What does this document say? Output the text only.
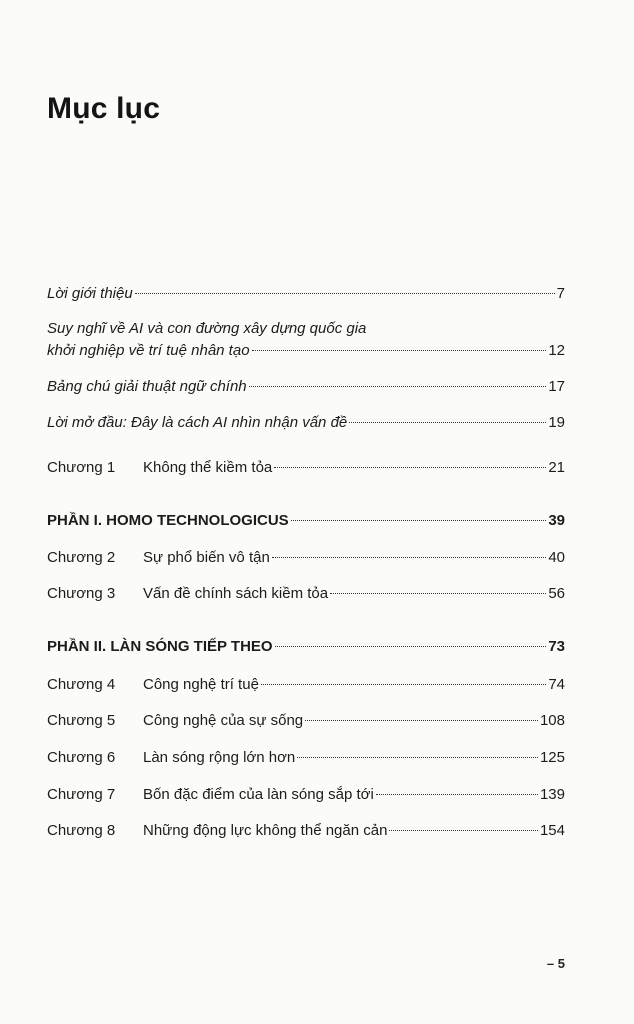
Mục lục
Lời giới thiệu	7
Suy nghĩ về AI và con đường xây dựng quốc gia
khởi nghiệp về trí tuệ nhân tạo	12
Bảng chú giải thuật ngữ chính	17
Lời mở đầu: Đây là cách AI nhìn nhận vấn đề	19
Chương 1	Không thể kiềm tỏa	21
PHẦN I. HOMO TECHNOLOGICUS	39
Chương 2	Sự phổ biến vô tận	40
Chương 3	Vấn đề chính sách kiềm tỏa	56
PHẦN II. LÀN SÓNG TIẾP THEO	73
Chương 4	Công nghệ trí tuệ	74
Chương 5	Công nghệ của sự sống	108
Chương 6	Làn sóng rộng lớn hơn	125
Chương 7	Bốn đặc điểm của làn sóng sắp tới	139
Chương 8	Những động lực không thể ngăn cản	154
– 5
